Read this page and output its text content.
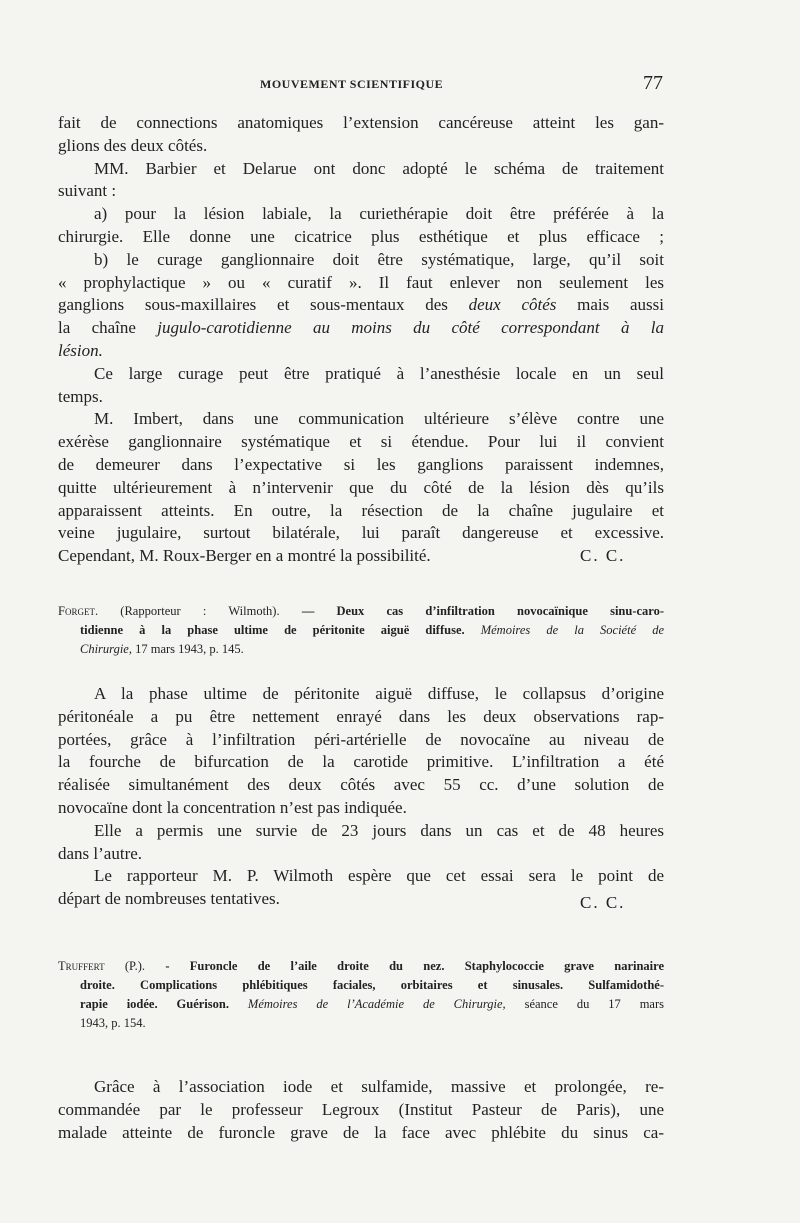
MOUVEMENT SCIENTIFIQUE	77
fait de connections anatomiques l’extension cancéreuse atteint les gan-
glions des deux côtés.
MM. Barbier et Delarue ont donc adopté le schéma de traitement
suivant :
a) pour la lésion labiale, la curiethérapie doit être préférée à la
chirurgie. Elle donne une cicatrice plus esthétique et plus efficace ;
b) le curage ganglionnaire doit être systématique, large, qu’il soit
« prophylactique » ou « curatif ». Il faut enlever non seulement les
ganglions sous-maxillaires et sous-mentaux des deux côtés mais aussi
la chaîne jugulo-carotidienne au moins du côté correspondant à la
lésion.
Ce large curage peut être pratiqué à l’anesthésie locale en un seul
temps.
M. Imbert, dans une communication ultérieure s’élève contre une
exérèse ganglionnaire systématique et si étendue. Pour lui il convient
de demeurer dans l’expectative si les ganglions paraissent indemnes,
quitte ultérieurement à n’intervenir que du côté de la lésion dès qu’ils
apparaissent atteints. En outre, la résection de la chaîne jugulaire et
veine jugulaire, surtout bilatérale, lui paraît dangereuse et excessive.
Cependant, M. Roux-Berger en a montré la possibilité.	C. C.
Forget. (Rapporteur : Wilmoth). — Deux cas d’infiltration novocaïnique sinu-caro-
tidienne à la phase ultime de péritonite aiguë diffuse. Mémoires de la Société de
Chirurgie, 17 mars 1943, p. 145.
A la phase ultime de péritonite aiguë diffuse, le collapsus d’origine
péritonéale a pu être nettement enrayé dans les deux observations rap-
portées, grâce à l’infiltration péri-artérielle de novocaïne au niveau de
la fourche de bifurcation de la carotide primitive. L’infiltration a été
réalisée simultanément des deux côtés avec 55 cc. d’une solution de
novocaïne dont la concentration n’est pas indiquée.
Elle a permis une survie de 23 jours dans un cas et de 48 heures
dans l’autre.
Le rapporteur M. P. Wilmoth espère que cet essai sera le point de
départ de nombreuses tentatives.	C. C.
Truffert (P.). - Furoncle de l’aile droite du nez. Staphylococcie grave narinaire
droite. Complications phlébitiques faciales, orbitaires et sinusales. Sulfamidothé-
rapie iodée. Guérison. Mémoires de l’Académie de Chirurgie, séance du 17 mars
1943, p. 154.
Grâce à l’association iode et sulfamide, massive et prolongée, re-
commandée par le professeur Legroux (Institut Pasteur de Paris), une
malade atteinte de furoncle grave de la face avec phlébite du sinus ca-
